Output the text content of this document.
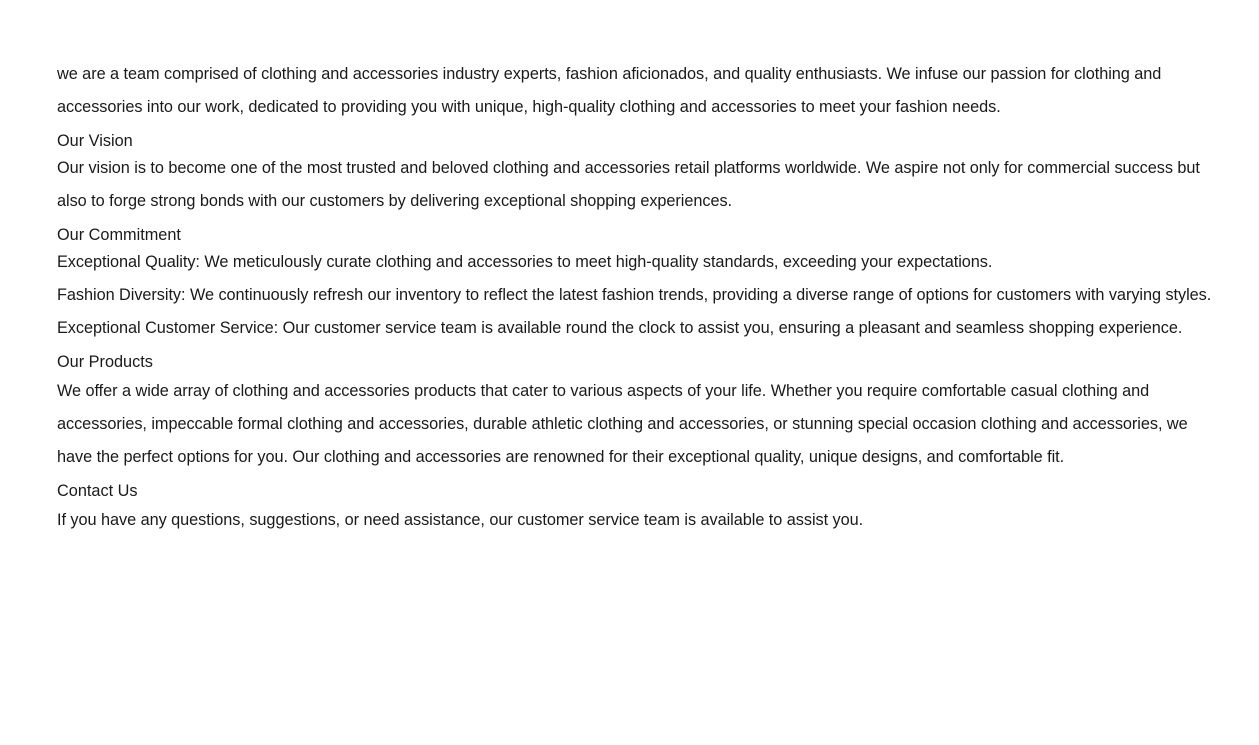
we are a team comprised of clothing and accessories industry experts, fashion aficionados, and quality enthusiasts. We infuse our passion for clothing and accessories into our work, dedicated to providing you with unique, high-quality clothing and accessories to meet your fashion needs.

Our Vision

Our vision is to become one of the most trusted and beloved clothing and accessories retail platforms worldwide. We aspire not only for commercial success but also to forge strong bonds with our customers by delivering exceptional shopping experiences.

Our Commitment

Exceptional Quality: We meticulously curate clothing and accessories to meet high-quality standards, exceeding your expectations.

Fashion Diversity: We continuously refresh our inventory to reflect the latest fashion trends, providing a diverse range of options for customers with varying styles.

Exceptional Customer Service: Our customer service team is available round the clock to assist you, ensuring a pleasant and seamless shopping experience.

Our Products

We offer a wide array of clothing and accessories products that cater to various aspects of your life. Whether you require comfortable casual clothing and accessories, impeccable formal clothing and accessories, durable athletic clothing and accessories, or stunning special occasion clothing and accessories, we have the perfect options for you. Our clothing and accessories are renowned for their exceptional quality, unique designs, and comfortable fit.

Contact Us

If you have any questions, suggestions, or need assistance, our customer service team is available to assist you.
